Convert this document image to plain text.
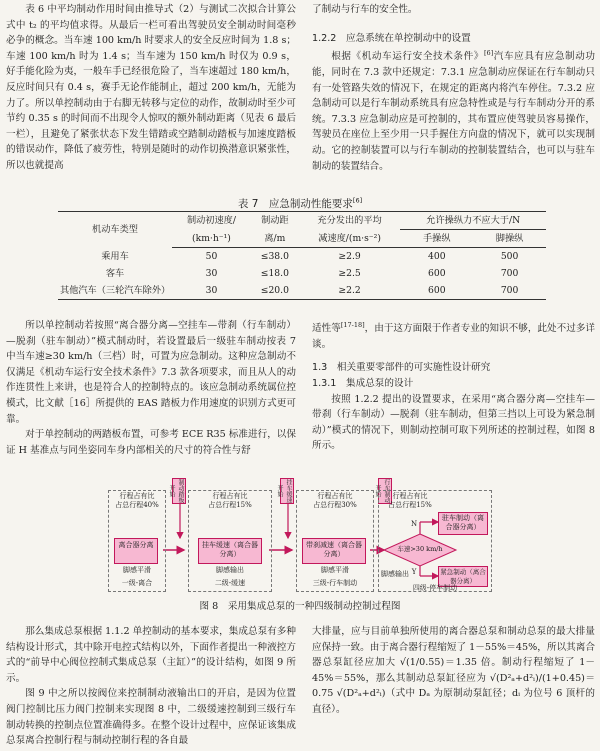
表 6 中平均制动作用时间由推导式（2）与测试二次拟合计算公式中 t₂ 的平均值求得。从最后一栏可看出驾驶员安全制动时间毫秒必争的概念。当车速 100 km/h 时要求人的安全反应时间为 1.8 s；车速 100 km/h 时为 1.4 s；当车速为 150 km/h 时仅为 0.9 s，好手能化险为夷，一般车手已经很危险了，当车速超过 180 km/h，反应时间只有 0.4 s，赛手无论作能制止，超过 200 km/h，无能为力了。所以单控制动由于右脚无转移与定位的动作，故制动时至少可节约 0.35 s 的时间而不出现令人惊叹的额外制动距离（见表 6 最后一栏），且避免了紧张状态下发生错踏或空踏制动踏板与加速度踏板的错误动作，降低了疲劳性，特别是随时的动作切换潜意识紧张性，所以也就提高

了制动与行车的安全性。

1.2.2　应急系统在单控制动中的设置

根据《机动车运行安全技术条件》[6]汽车应具有应急制动功能，同时在 7.3 款中还规定：7.3.1 应急制动应保证在行车制动只有一处管路失效的情况下，在规定的距离内将汽车停住。7.3.2 应急制动可以是行车制动系统具有应急特性或是与行车制动分开的系统。7.3.3 应急制动应是可控制的，其布置应使驾驶员容易操作，驾驶员在座位上至少用一只手握住方向盘的情况下，就可以实现制动。它的控制装置可以与行车制动的控制装置结合，也可以与驻车制动的装置结合。

表 7　应急制动性能要求[6]
机动车类型	制动初速度/	制动距	充分发出的平均	允许操纵力不应大于/N	
	(km·h⁻¹)	离/m	减速度/(m·s⁻²)	手操纵	脚操纵
乘用车	50	≤38.0	≥2.9	400	500
客车	30	≤18.0	≥2.5	600	700
其他汽车（三轮汽车除外）	30	≤20.0	≥2.2	600	700

所以单控制动若按照“离合器分离—空挂车—带刹（行车制动）—脱刹（驻车制动）”模式制动时，若设置最后一级驻车制动按表 7 中当车速≥30 km/h（三档）时，可置为应急制动。这种应急制动不仅满足《机动车运行安全技术条件》7.3 款各项要求，而且从人的动作连贯性上来讲，也是符合人的控制特点的。该应急制动系统属位控模式，比文献［16］所提供的 EAS 踏板力作用速度的识别方式更可靠。

对于单控制动的两踏板布置，可参考 ECE R35 标准进行，以保证 H 基准点与同坐姿同车身内部相关的尺寸的符合性与舒

适性等[17-18]，由于这方面限于作者专业的知识不够，此处不过多详谈。

1.3　相关重要零部件的可实施性设计研究

1.3.1　集成总泵的设计

按照 1.2.2 提出的设置要求，在采用“离合器分离—空挂车—带刹（行车制动）—脱刹（驻车制动，但第三挡以上可设为紧急制动）”模式的情况下，则制动控制可取下列所述的控制过程，如图 8 所示。

行程占有比
占总行程40%
离合器分离
脚感平滑
一级-离合
制动踏板开始	挂车缓速开始	行车制动开始
行程占有比
占总行程15%
挂车缓速（离合器分离）
脚感输出
二级-缓速
行程占有比
占总行程30%
带刹减速（离合器分离）
脚感平滑
三级-行车制动
行程占有比
占总行程15%
车速>30 km/h
N
Y
驻车制动（离合器分离）
紧急制动（离合器分离）
脚感输出
四级-停车制动
图 8　采用集成总泵的一种四级制动控制过程图

那么集成总泵根据 1.1.2 单控制动的基本要求，集成总泵有多种结构设计形式，其中除开电控式结构以外，下面作者提出一种液控方式的“前导中心阀位控制式集成总泵（主缸）”的设计结构，如图 9 所示。

图 9 中之所以按阀位来控制制动液输出口的开启，是因为位置阀门控制比压力阀门控制来实现图 8 中，二级缓速控制到三级行车制动转换的控制点位置准确得多。在整个设计过程中，应保证该集成总泵离合控制行程与制动控制行程的各自最

大排量，应与目前单独所使用的离合器总泵和制动总泵的最大排量应保持一致。由于离合器行程缩短了 1－55%＝45%，所以其离合器总泵缸径应加大 √(1/0.55)＝1.35 倍。制动行程缩短了 1－45%＝55%，那么其制动总泵缸径应为 √(D²ₐ+d²ᵢ)/(1+0.45)＝0.75 √(D²ₐ+d²ᵢ)（式中 Dₐ 为原制动泵缸径；dᵢ 为位号 6 顶杆的直径）。
